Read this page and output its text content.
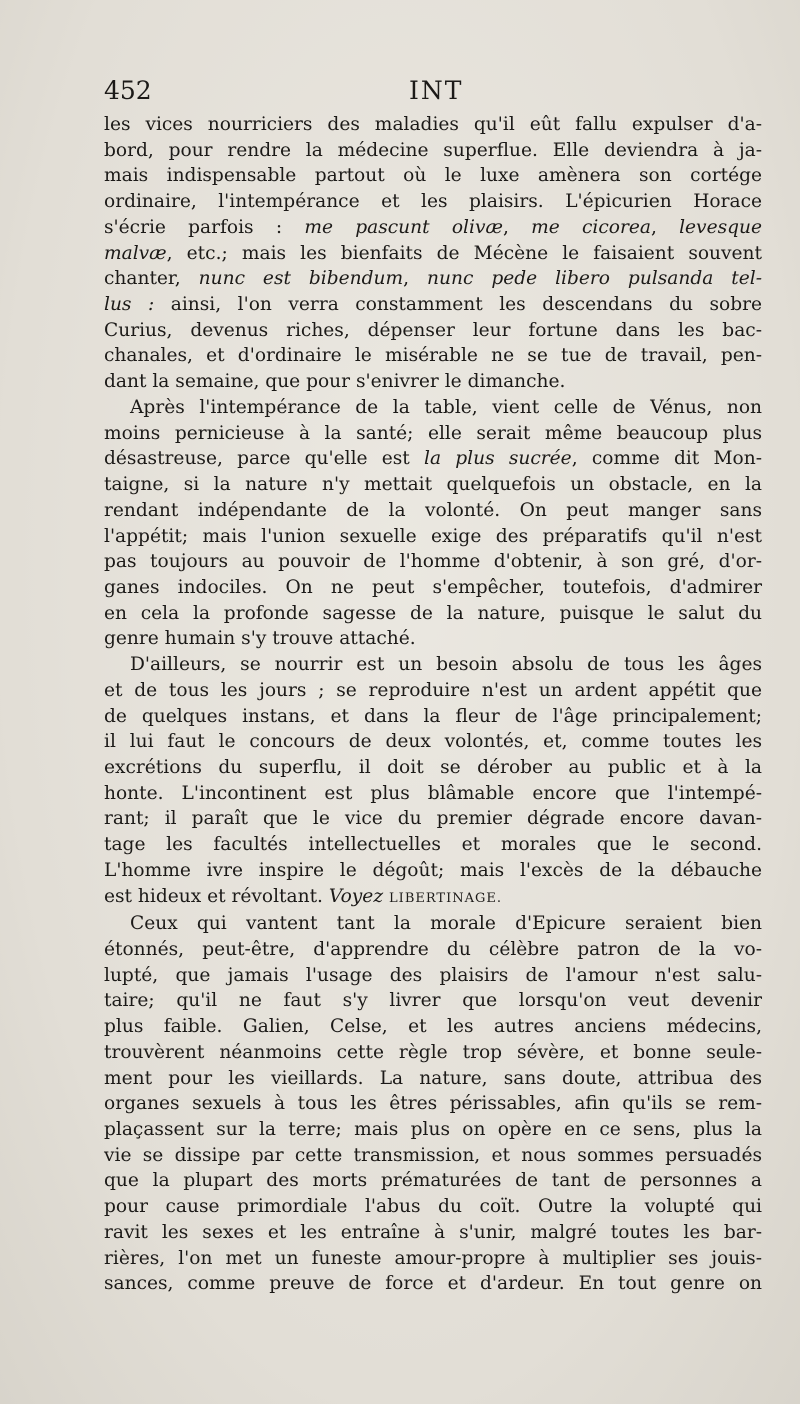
452	INT

les vices nourriciers des maladies qu'il eût fallu expulser d'a-
bord, pour rendre la médecine superflue. Elle deviendra à ja-
mais indispensable partout où le luxe amènera son cortége
ordinaire, l'intempérance et les plaisirs. L'épicurien Horace
s'écrie parfois : me pascunt olivæ, me cicorea, levesque
malvæ, etc.; mais les bienfaits de Mécène le faisaient souvent
chanter, nunc est bibendum, nunc pede libero pulsanda tel-
lus : ainsi, l'on verra constamment les descendans du sobre
Curius, devenus riches, dépenser leur fortune dans les bac-
chanales, et d'ordinaire le misérable ne se tue de travail, pen-
dant la semaine, que pour s'enivrer le dimanche.

Après l'intempérance de la table, vient celle de Vénus, non
moins pernicieuse à la santé; elle serait même beaucoup plus
désastreuse, parce qu'elle est la plus sucrée, comme dit Mon-
taigne, si la nature n'y mettait quelquefois un obstacle, en la
rendant indépendante de la volonté. On peut manger sans
l'appétit; mais l'union sexuelle exige des préparatifs qu'il n'est
pas toujours au pouvoir de l'homme d'obtenir, à son gré, d'or-
ganes indociles. On ne peut s'empêcher, toutefois, d'admirer
en cela la profonde sagesse de la nature, puisque le salut du
genre humain s'y trouve attaché.

D'ailleurs, se nourrir est un besoin absolu de tous les âges
et de tous les jours ; se reproduire n'est un ardent appétit que
de quelques instans, et dans la fleur de l'âge principalement;
il lui faut le concours de deux volontés, et, comme toutes les
excrétions du superflu, il doit se dérober au public et à la
honte. L'incontinent est plus blâmable encore que l'intempé-
rant; il paraît que le vice du premier dégrade encore davan-
tage les facultés intellectuelles et morales que le second.
L'homme ivre inspire le dégoût; mais l'excès de la débauche
est hideux et révoltant. Voyez LIBERTINAGE.

Ceux qui vantent tant la morale d'Epicure seraient bien
étonnés, peut-être, d'apprendre du célèbre patron de la vo-
lupté, que jamais l'usage des plaisirs de l'amour n'est salu-
taire; qu'il ne faut s'y livrer que lorsqu'on veut devenir
plus faible. Galien, Celse, et les autres anciens médecins,
trouvèrent néanmoins cette règle trop sévère, et bonne seule-
ment pour les vieillards. La nature, sans doute, attribua des
organes sexuels à tous les êtres périssables, afin qu'ils se rem-
plaçassent sur la terre; mais plus on opère en ce sens, plus la
vie se dissipe par cette transmission, et nous sommes persuadés
que la plupart des morts prématurées de tant de personnes a
pour cause primordiale l'abus du coït. Outre la volupté qui
ravit les sexes et les entraîne à s'unir, malgré toutes les bar-
rières, l'on met un funeste amour-propre à multiplier ses jouis-
sances, comme preuve de force et d'ardeur. En tout genre on
